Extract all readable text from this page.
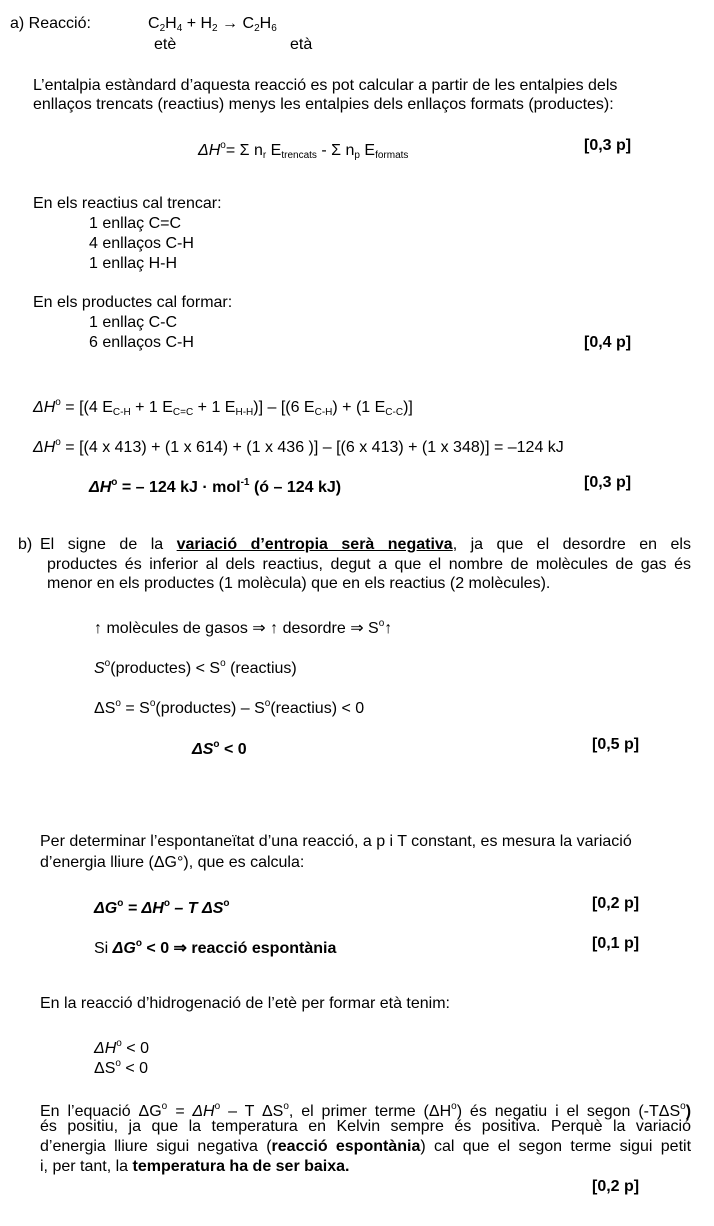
a) Reacció:	$C_2H_4 + H_2 \to C_2H_6$
etè	età
L’entalpia estàndard d’aquesta reacció es pot calcular a partir de les entalpies dels
enllaços trencats (reactius) menys les entalpies dels enllaços formats (productes):
$\Delta H^o= \Sigma$ $n_r$ $E_{trencats}$ - Σ $n_p$ $E_{formats}$
[0,3 p]
En els reactius cal trencar:
1 enllaç C=C
4 enllaços C-H
1 enllaç H-H
En els productes cal formar:
1 enllaç C-C
6 enllaços C-H	[0,4 p]
$\Delta H^o = [(4$ $E_{C-H} + 1$ $E_{C=C} + 1$ $E_{H-H})] - [(6$ $E_{C-H}) + (1$ $E_{C-C}$)]
$\Delta H^o = [(4$ x 413) + (1 x 614) + (1 x 436 )] – [(6 x 413) + (1 x 348)] = –124 kJ
$\Delta H^o$ = – 124 kJ · mol$^{-1}$ (ó – 124 kJ)	[0,3 p]
b) El signe de la variació d’entropia serà negativa, ja que el desordre en els
productes és inferior al dels reactius, degut a que el nombre de molècules de gas és
menor en els productes (1 molècula) que en els reactius (2 molècules).
↑ molècules de gasos ⇒ ↑ desordre ⇒ $S^o↑$
$S^o(productes) < S^o$ (reactius)
$\Delta S^o$ = $S^o(productes)$ – $S^o(reactius) < 0$
$\Delta S^o < 0$	[0,5 p]
Per determinar l’espontaneïtat d’una reacció, a p i T constant, es mesura la variació
d’energia lliure (ΔG°), que es calcula:
$\Delta G^o = \Delta H^o - T$ $\Delta S^o$	[0,2 p]
Si $\Delta G^o < 0$ ⇒ reacció espontània	[0,1 p]
En la reacció d’hidrogenació de l’etè per formar età tenim:
$\Delta H^o < 0$
$\Delta S^o < 0$
En l’equació $\Delta G^o = \Delta H^o - T$ $\Delta S^o$, el primer terme $(\Delta H^o)$ és negatiu i el segon (-TΔS$^o$)
és positiu, ja que la temperatura en Kelvin sempre és positiva. Perquè la variació
d’energia lliure sigui negativa (reacció espontània) cal que el segon terme sigui petit
i, per tant, la temperatura ha de ser baixa.
[0,2 p]
